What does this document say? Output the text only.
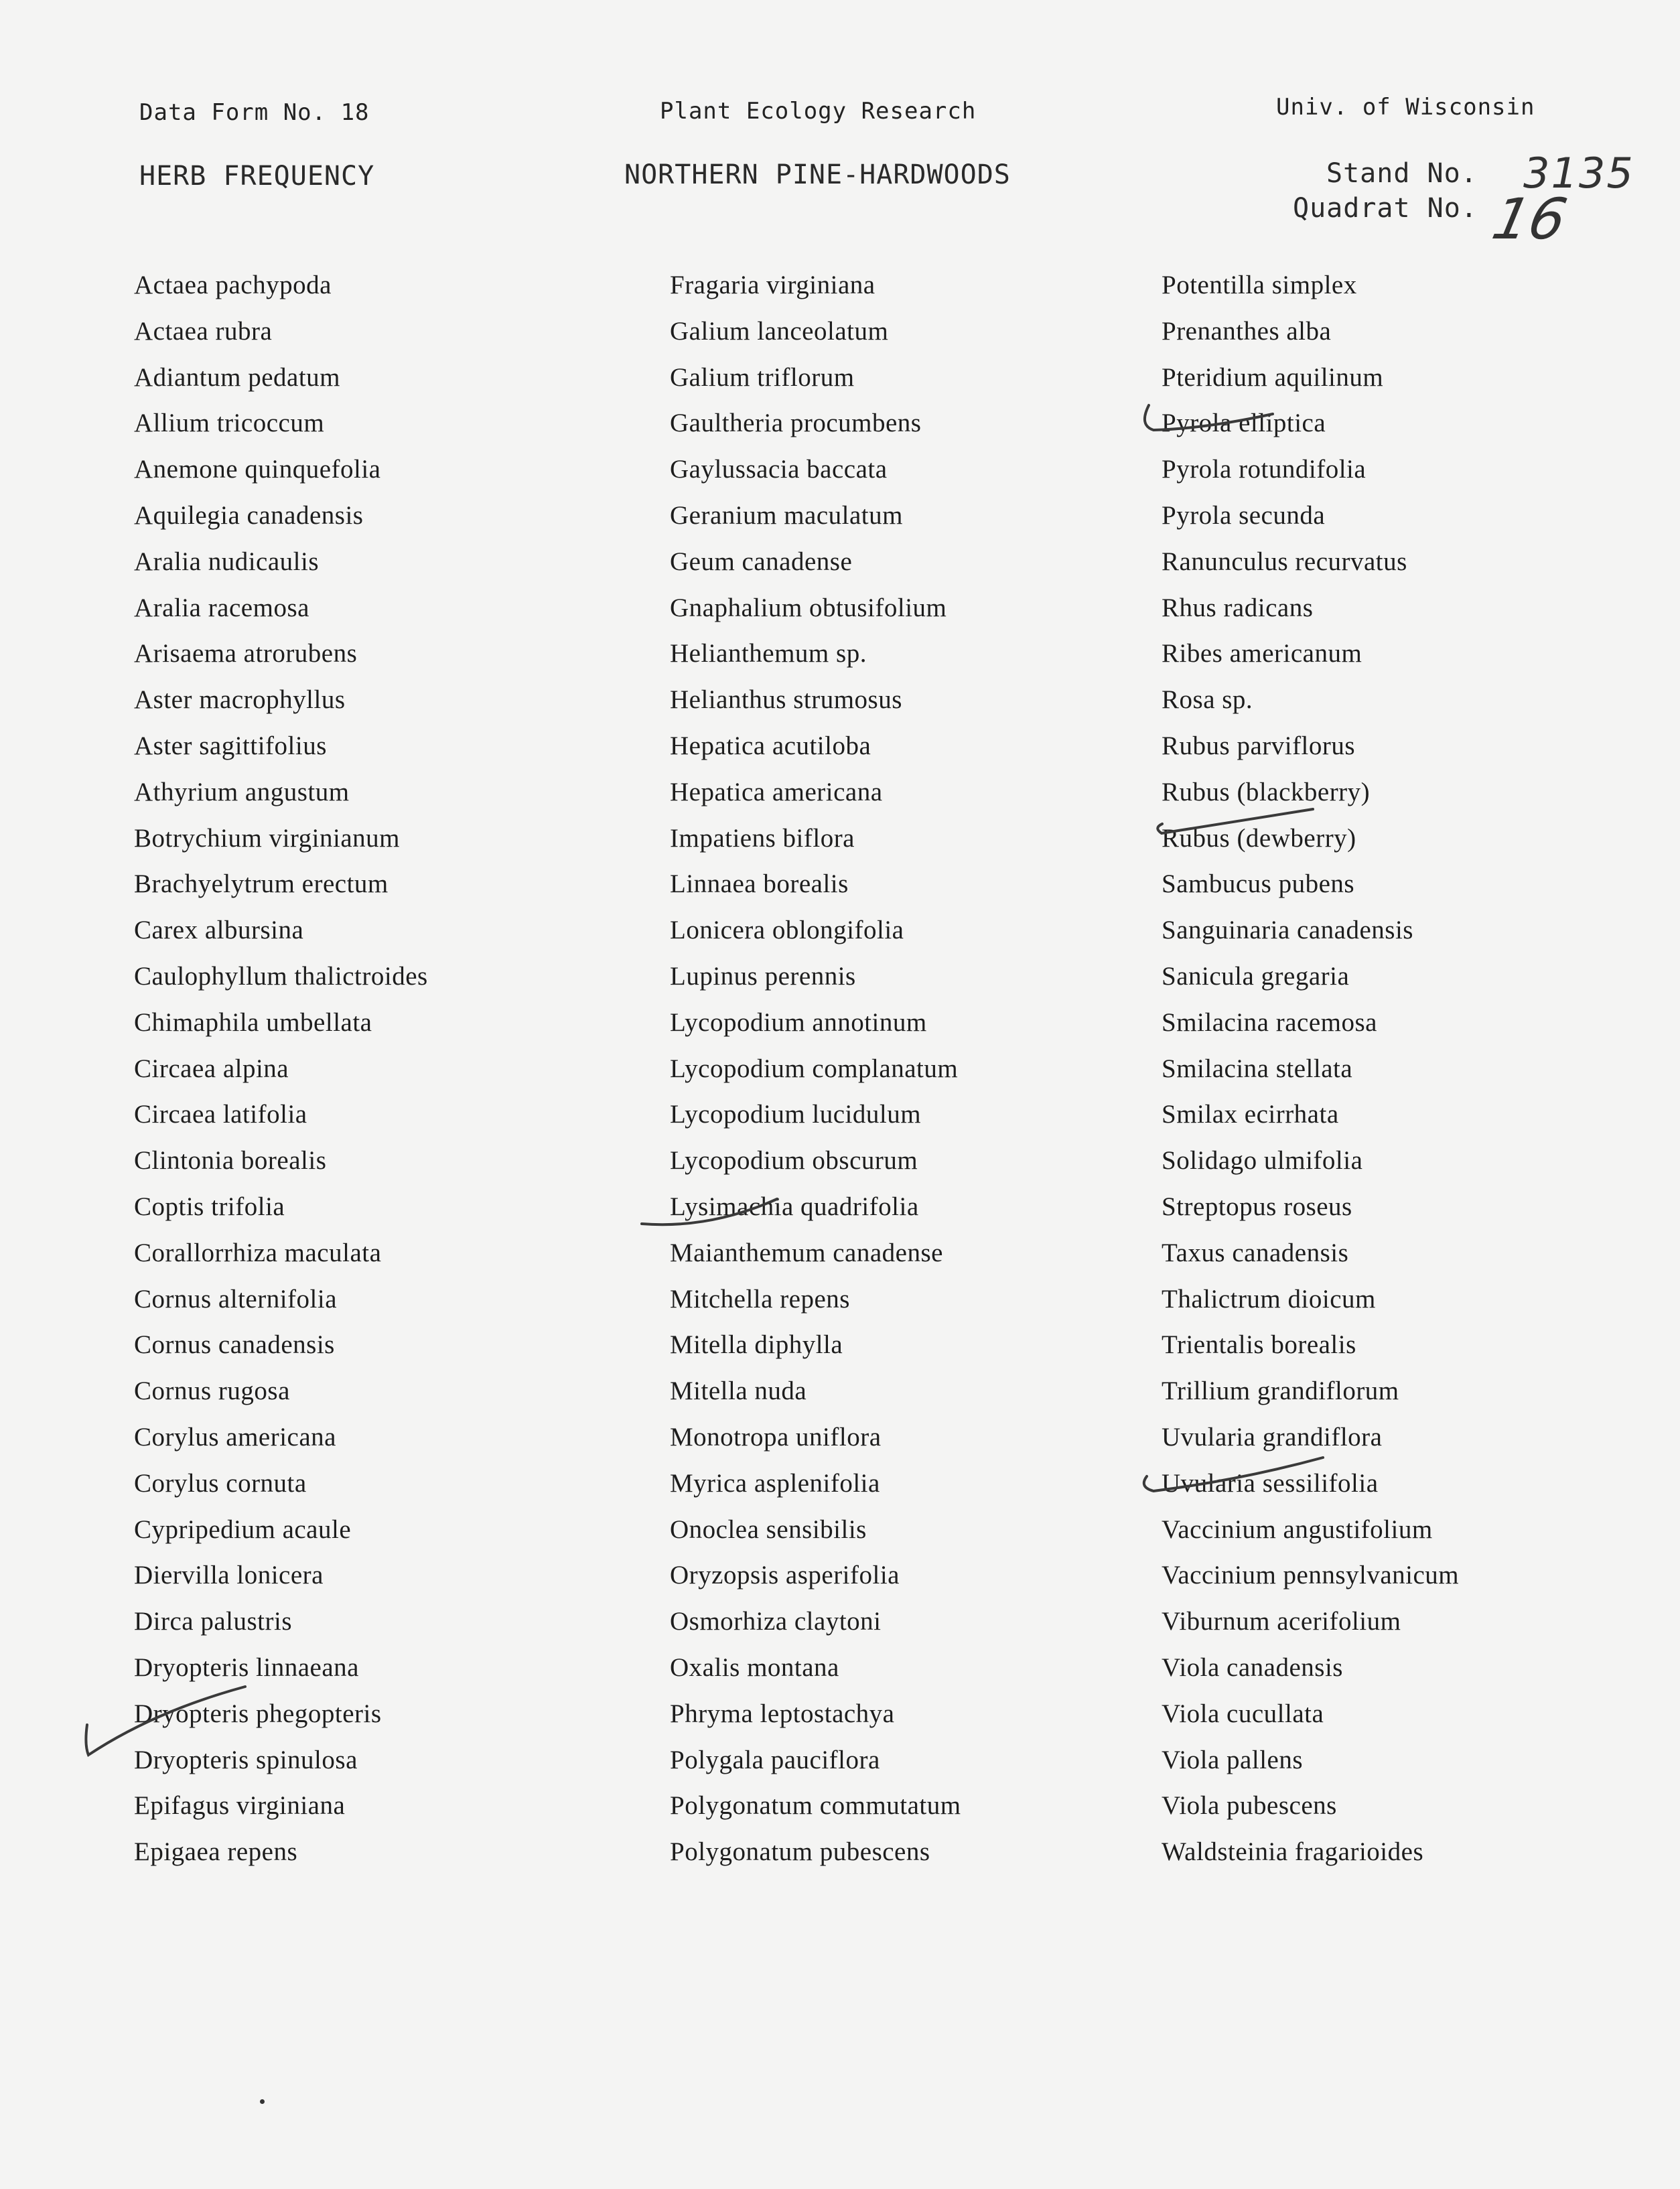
Data Form No. 18	Plant Ecology Research	Univ. of Wisconsin
HERB FREQUENCY	NORTHERN PINE-HARDWOODS	Stand No.
Quadrat No.
3135
16
Actaea pachypoda
Actaea rubra
Adiantum pedatum
Allium tricoccum
Anemone quinquefolia
Aquilegia canadensis
Aralia nudicaulis
Aralia racemosa
Arisaema atrorubens
Aster macrophyllus
Aster sagittifolius
Athyrium angustum
Botrychium virginianum
Brachyelytrum erectum
Carex albursina
Caulophyllum thalictroides
Chimaphila umbellata
Circaea alpina
Circaea latifolia
Clintonia borealis
Coptis trifolia
Corallorrhiza maculata
Cornus alternifolia
Cornus canadensis
Cornus rugosa
Corylus americana
Corylus cornuta
Cypripedium acaule
Diervilla lonicera
Dirca palustris
Dryopteris linnaeana
Dryopteris phegopteris
Dryopteris spinulosa
Epifagus virginiana
Epigaea repens
Fragaria virginiana
Galium lanceolatum
Galium triflorum
Gaultheria procumbens
Gaylussacia baccata
Geranium maculatum
Geum canadense
Gnaphalium obtusifolium
Helianthemum sp.
Helianthus strumosus
Hepatica acutiloba
Hepatica americana
Impatiens biflora
Linnaea borealis
Lonicera oblongifolia
Lupinus perennis
Lycopodium annotinum
Lycopodium complanatum
Lycopodium lucidulum
Lycopodium obscurum
Lysimachia quadrifolia
Maianthemum canadense
Mitchella repens
Mitella diphylla
Mitella nuda
Monotropa uniflora
Myrica asplenifolia
Onoclea sensibilis
Oryzopsis asperifolia
Osmorhiza claytoni
Oxalis montana
Phryma leptostachya
Polygala pauciflora
Polygonatum commutatum
Polygonatum pubescens
Potentilla simplex
Prenanthes alba
Pteridium aquilinum
Pyrola elliptica
Pyrola rotundifolia
Pyrola secunda
Ranunculus recurvatus
Rhus radicans
Ribes americanum
Rosa sp.
Rubus parviflorus
Rubus (blackberry)
Rubus (dewberry)
Sambucus pubens
Sanguinaria canadensis
Sanicula gregaria
Smilacina racemosa
Smilacina stellata
Smilax ecirrhata
Solidago ulmifolia
Streptopus roseus
Taxus canadensis
Thalictrum dioicum
Trientalis borealis
Trillium grandiflorum
Uvularia grandiflora
Uvularia sessilifolia
Vaccinium angustifolium
Vaccinium pennsylvanicum
Viburnum acerifolium
Viola canadensis
Viola cucullata
Viola pallens
Viola pubescens
Waldsteinia fragarioides
